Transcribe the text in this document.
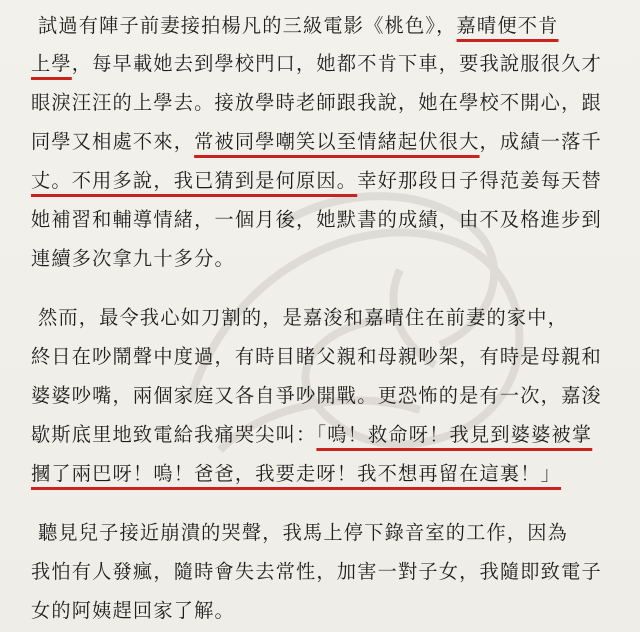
試過有陣子前妻接拍楊凡的三級電影《桃色》，嘉晴便不肯
上學，每早載她去到學校門口，她都不肯下車，要我說服很久才
眼淚汪汪的上學去。接放學時老師跟我說，她在學校不開心，跟
同學又相處不來，常被同學嘲笑以至情緒起伏很大，成績一落千
丈。不用多說，我已猜到是何原因。幸好那段日子得范姜每天替
她補習和輔導情緒，一個月後，她默書的成績，由不及格進步到
連續多次拿九十多分。
然而，最令我心如刀割的，是嘉浚和嘉晴住在前妻的家中，
終日在吵鬧聲中度過，有時目睹父親和母親吵架，有時是母親和
婆婆吵嘴，兩個家庭又各自爭吵開戰。更恐怖的是有一次，嘉浚
歇斯底里地致電給我痛哭尖叫：「嗚！救命呀！我見到婆婆被掌
摑了兩巴呀！嗚！爸爸，我要走呀！我不想再留在這裏！」
聽見兒子接近崩潰的哭聲，我馬上停下錄音室的工作，因為
我怕有人發瘋，隨時會失去常性，加害一對子女，我隨即致電子
女的阿姨趕回家了解。
